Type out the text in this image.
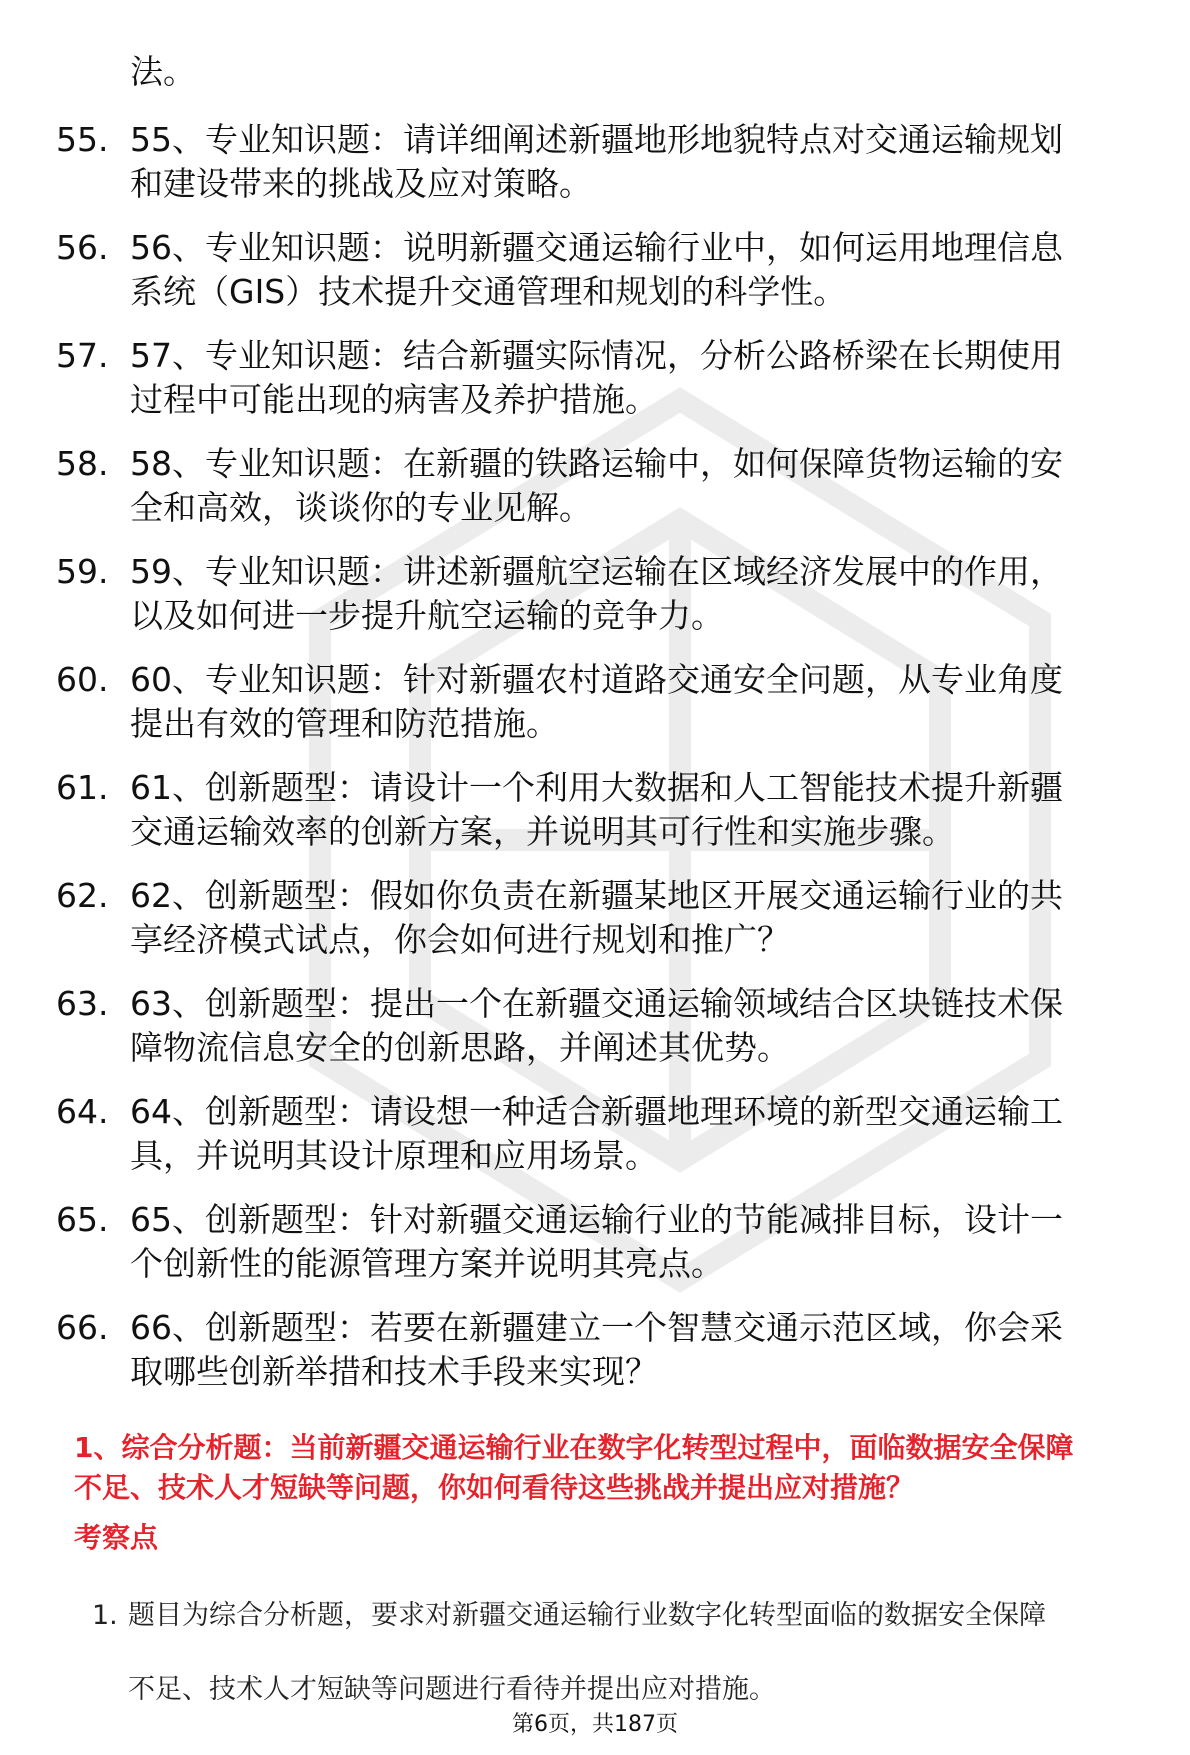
法。
55. 55、专业知识题：请详细阐述新疆地形地貌特点对交通运输规划
和建设带来的挑战及应对策略。
56. 56、专业知识题：说明新疆交通运输行业中，如何运用地理信息
系统（GIS）技术提升交通管理和规划的科学性。
57. 57、专业知识题：结合新疆实际情况，分析公路桥梁在长期使用
过程中可能出现的病害及养护措施。
58. 58、专业知识题：在新疆的铁路运输中，如何保障货物运输的安
全和高效，谈谈你的专业见解。
59. 59、专业知识题：讲述新疆航空运输在区域经济发展中的作用，
以及如何进一步提升航空运输的竞争力。
60. 60、专业知识题：针对新疆农村道路交通安全问题，从专业角度
提出有效的管理和防范措施。
61. 61、创新题型：请设计一个利用大数据和人工智能技术提升新疆
交通运输效率的创新方案，并说明其可行性和实施步骤。
62. 62、创新题型：假如你负责在新疆某地区开展交通运输行业的共
享经济模式试点，你会如何进行规划和推广？
63. 63、创新题型：提出一个在新疆交通运输领域结合区块链技术保
障物流信息安全的创新思路，并阐述其优势。
64. 64、创新题型：请设想一种适合新疆地理环境的新型交通运输工
具，并说明其设计原理和应用场景。
65. 65、创新题型：针对新疆交通运输行业的节能减排目标，设计一
个创新性的能源管理方案并说明其亮点。
66. 66、创新题型：若要在新疆建立一个智慧交通示范区域，你会采
取哪些创新举措和技术手段来实现？
1、综合分析题：当前新疆交通运输行业在数字化转型过程中，面临数据安全保障
不足、技术人才短缺等问题，你如何看待这些挑战并提出应对措施？
考察点
1. 题目为综合分析题，要求对新疆交通运输行业数字化转型面临的数据安全保障
不足、技术人才短缺等问题进行看待并提出应对措施。
第6页，共187页
